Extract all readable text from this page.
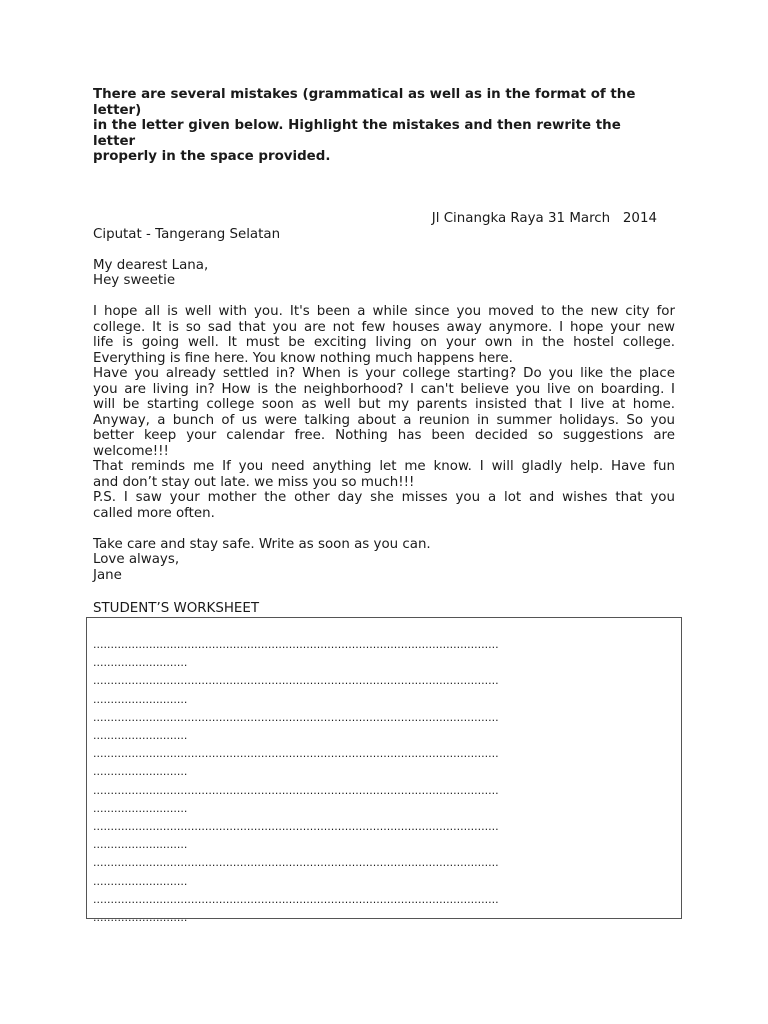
There are several mistakes (grammatical as well as in the format of the
letter)
in the letter given below. Highlight the mistakes and then rewrite the
letter
properly in the space provided.
Jl Cinangka Raya 31 March   2014
Ciputat - Tangerang Selatan
My dearest Lana,
Hey sweetie
I hope all is well with you. It's been a while since you moved to the new city for
college. It is so sad that you are not few houses away anymore. I hope your new
life is going well. It must be exciting living on your own in the hostel college.
Everything is fine here. You know nothing much happens here.
Have you already settled in? When is your college starting? Do you like the place
you are living in? How is the neighborhood? I can't believe you live on boarding. I
will be starting college soon as well but my parents insisted that I live at home.
Anyway, a bunch of us were talking about a reunion in summer holidays. So you
better keep your calendar free. Nothing has been decided so suggestions are
welcome!!!
That reminds me If you need anything let me know. I will gladly help. Have fun
and don’t stay out late. we miss you so much!!!
P.S. I saw your mother the other day she misses you a lot and wishes that you
called more often.
Take care and stay safe. Write as soon as you can.
Love always,
Jane
STUDENT’S WORKSHEET
....................................................................................................................
...........................
....................................................................................................................
...........................
....................................................................................................................
...........................
....................................................................................................................
...........................
....................................................................................................................
...........................
....................................................................................................................
...........................
....................................................................................................................
...........................
....................................................................................................................
...........................
